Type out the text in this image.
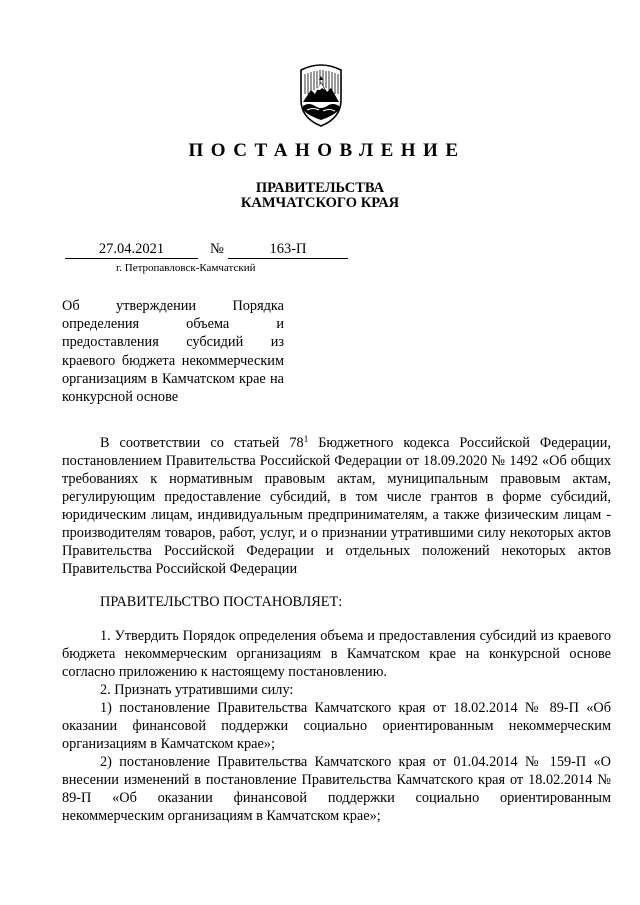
ПОСТАНОВЛЕНИЕ
ПРАВИТЕЛЬСТВА
КАМЧАТСКОГО КРАЯ
27.04.2021	№	163-П
г. Петропавловск-Камчатский
Об утверждении Порядка определения объема и предоставления субсидий из краевого бюджета некоммерческим организациям в Камчатском крае на конкурсной основе

В соответствии со статьей $78^1$ Бюджетного кодекса Российской Федерации, постановлением Правительства Российской Федерации от 18.09.2020 № 1492 «Об общих требованиях к нормативным правовым актам, муниципальным правовым актам, регулирующим предоставление субсидий, в том числе грантов в форме субсидий, юридическим лицам, индивидуальным предпринимателям, а также физическим лицам - производителям товаров, работ, услуг, и о признании утратившими силу некоторых актов Правительства Российской Федерации и отдельных положений некоторых актов Правительства Российской Федерации

ПРАВИТЕЛЬСТВО ПОСТАНОВЛЯЕТ:

1. Утвердить Порядок определения объема и предоставления субсидий из краевого бюджета некоммерческим организациям в Камчатском крае на конкурсной основе согласно приложению к настоящему постановлению.

2. Признать утратившими силу:

1) постановление Правительства Камчатского края от 18.02.2014 № 89-П «Об оказании финансовой поддержки социально ориентированным некоммерческим организациям в Камчатском крае»;

2) постановление Правительства Камчатского края от 01.04.2014 № 159-П «О внесении изменений в постановление Правительства Камчатского края от 18.02.2014 № 89-П «Об оказании финансовой поддержки социально ориентированным некоммерческим организациям в Камчатском крае»;
